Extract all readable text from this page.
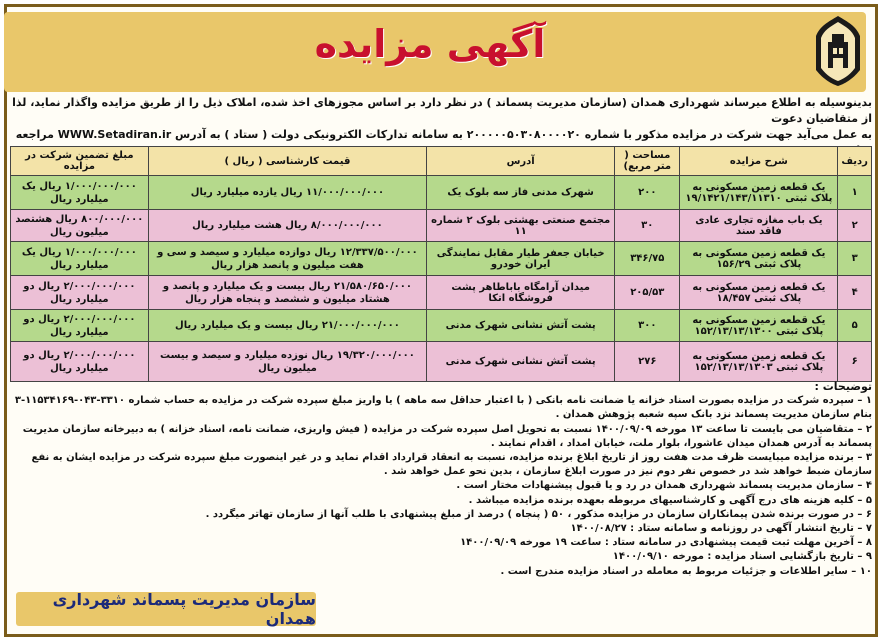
آگهی مزایده
بدینوسیله به اطلاع میرساند شهرداری همدان (سازمان مدیریت پسماند ) در نظر دارد بر اساس مجوزهای اخذ شده، املاک ذیل را از طریق مزایده واگذار نماید، لذا از متقاضیان دعوت
به عمل می‌آید جهت شرکت در مزایده مذکور با شماره ۲۰۰۰۰۰۵۰۳۰۸۰۰۰۰۲۰ به سامانه تدارکات الکترونیکی دولت ( ستاد ) به آدرس WWW.Setadiran.ir مراجعه
ردیف	شرح مزایده	مساحت ( متر مربع)	آدرس	قیمت کارشناسی ( ریال )	مبلغ تضمین شرکت در مزایده
۱	یک قطعه زمین مسکونی به پلاک ثبتی ۱۹/۱۴۲۱/۱۴۳/۱۱۳۱۰	۲۰۰	شهرک مدنی فاز سه بلوک یک	۱۱/۰۰۰/۰۰۰/۰۰۰ ریال یازده میلیارد ریال	۱/۰۰۰/۰۰۰/۰۰۰ ریال یک میلیارد ریال
۲	یک باب مغازه تجاری عادی فاقد سند	۳۰	مجتمع صنعتی بهشتی بلوک ۲ شماره ۱۱	۸/۰۰۰/۰۰۰/۰۰۰ ریال هشت میلیارد ریال	۸۰۰/۰۰۰/۰۰۰ ریال هشتصد میلیون ریال
۳	یک قطعه زمین مسکونی به پلاک ثبتی ۱۵۶/۲۹	۳۴۶/۷۵	خیابان جعفر طیار مقابل نمایندگی ایران خودرو	۱۲/۳۳۷/۵۰۰/۰۰۰ ریال دوازده میلیارد و سیصد و سی و هفت میلیون و پانصد هزار ریال	۱/۰۰۰/۰۰۰/۰۰۰ ریال یک میلیارد ریال
۴	یک قطعه زمین مسکونی به پلاک ثبتی ۱۸/۴۵۷	۲۰۵/۵۳	میدان آرامگاه باباطاهر پشت فروشگاه اتکا	۲۱/۵۸۰/۶۵۰/۰۰۰ ریال بیست و یک میلیارد و پانصد و هشتاد میلیون و ششصد و پنجاه هزار ریال	۲/۰۰۰/۰۰۰/۰۰۰ ریال دو میلیارد ریال
۵	یک قطعه زمین مسکونی به پلاک ثبتی ۱۵۲/۱۳/۱۳/۱۳۰۰	۳۰۰	پشت آتش نشانی شهرک مدنی	۲۱/۰۰۰/۰۰۰/۰۰۰ ریال بیست و یک میلیارد ریال	۲/۰۰۰/۰۰۰/۰۰۰ ریال دو میلیارد ریال
۶	یک قطعه زمین مسکونی به پلاک ثبتی ۱۵۲/۱۳/۱۳/۱۳۰۳	۲۷۶	پشت آتش نشانی شهرک مدنی	۱۹/۳۲۰/۰۰۰/۰۰۰ ریال نوزده میلیارد و سیصد و بیست میلیون ریال	۲/۰۰۰/۰۰۰/۰۰۰ ریال دو میلیارد ریال
توضیحات :
۱ – سپرده شرکت در مزایده بصورت اسناد خزانه یا ضمانت نامه بانکی ( با اعتبار حداقل سه ماهه ) یا واریز مبلغ سپرده شرکت در مزایده به حساب شماره ۳۳۱۰-۰۴۳-۱۱۵۳۴۱۶۹-۳ بنام سازمان مدیریت پسماند نزد بانک سپه شعبه پژوهش همدان .
۲ – متقاضیان می بایست تا ساعت ۱۳ مورخه ۱۴۰۰/۰۹/۰۹ نسبت به تحویل اصل سپرده شرکت در مزایده ( فیش واریزی، ضمانت نامه، اسناد خزانه ) به دبیرخانه سازمان مدیریت پسماند به آدرس همدان میدان عاشورا، بلوار ملت، خیابان امداد ، اقدام نمایند .
۳ – برنده مزایده میبایست ظرف مدت هفت روز از تاریخ ابلاغ برنده مزایده، نسبت به انعقاد قرارداد اقدام نماید و در غیر اینصورت مبلغ سپرده شرکت در مزایده ایشان به نفع سازمان ضبط خواهد شد در خصوص نفر دوم نیز در صورت ابلاغ سازمان ، بدین نحو عمل خواهد شد .
۴ – سازمان مدیریت پسماند شهرداری همدان در رد و یا قبول پیشنهادات مختار است .
۵ – کلیه هزینه های درج آگهی و کارشناسیهای مربوطه بعهده برنده مزایده میباشد .
۶ – در صورت برنده شدن پیمانکاران سازمان در مزایده مذکور ، ۵۰ ( پنجاه ) درصد از مبلغ پیشنهادی با طلب آنها از سازمان تهاتر میگردد .
۷ – تاریخ انتشار آگهی در روزنامه و سامانه ستاد : ۱۴۰۰/۰۸/۲۷
۸ – آخرین مهلت ثبت قیمت پیشنهادی در سامانه ستاد : ساعت ۱۹ مورخه ۱۴۰۰/۰۹/۰۹
۹ – تاریخ بازگشایی اسناد مزایده : مورخه ۱۴۰۰/۰۹/۱۰
۱۰ – سایر اطلاعات و جزئیات مربوط به معامله در اسناد مزایده مندرج است .
سازمان مدیریت پسماند شهرداری همدان
